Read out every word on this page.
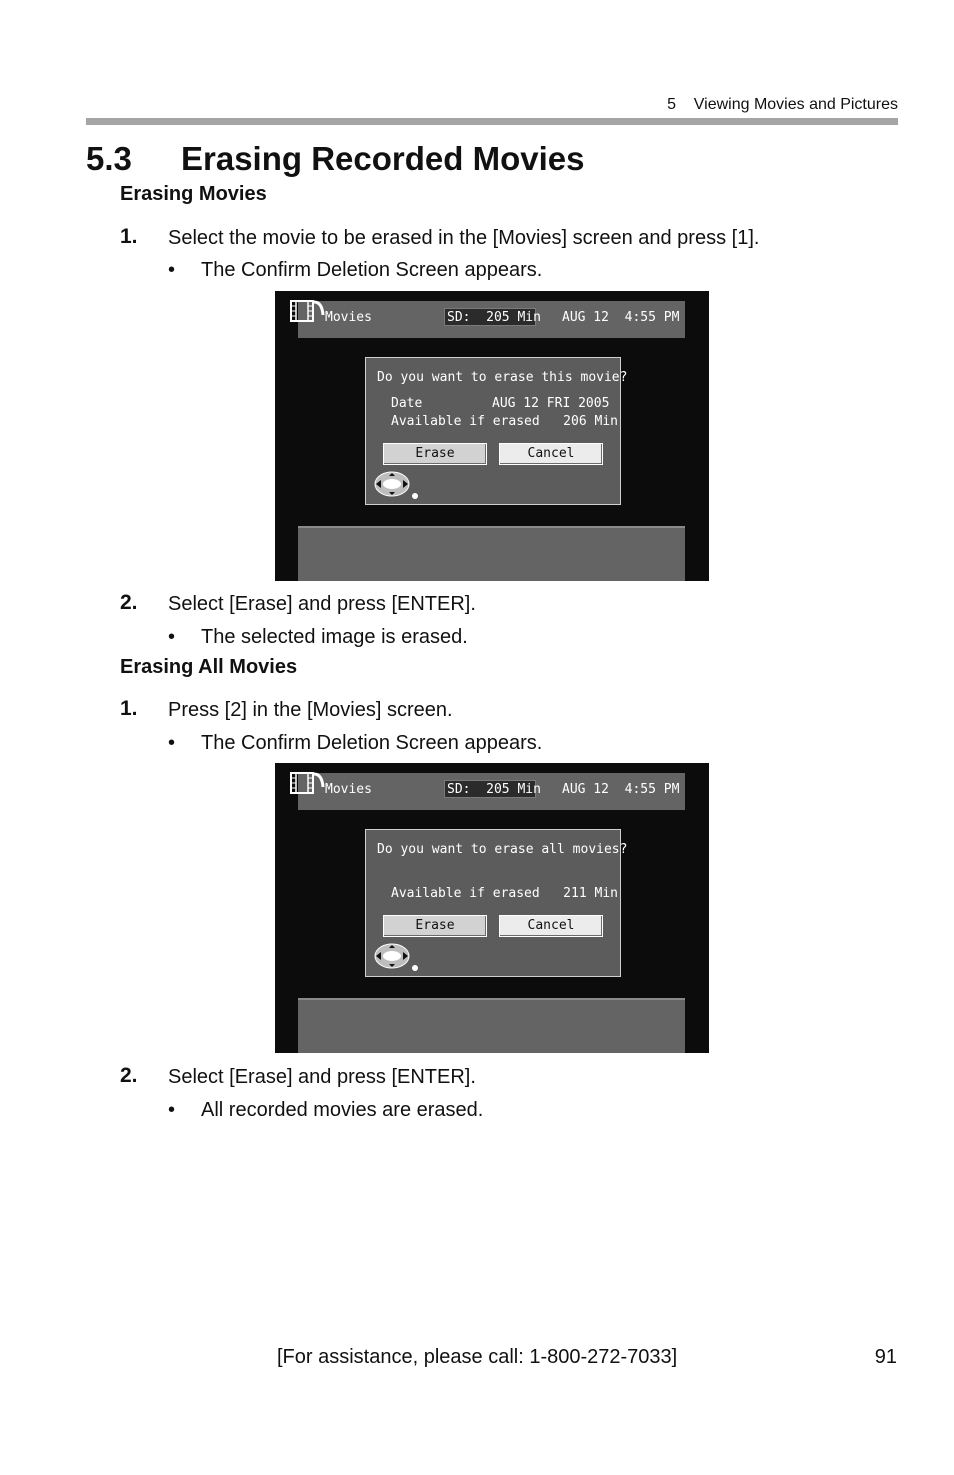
5 Viewing Movies and Pictures
5.3 Erasing Recorded Movies
Erasing Movies
1. Select the movie to be erased in the [Movies] screen and press [1].
• The Confirm Deletion Screen appears.
Movies	SD:  205 Min AUG 12  4:55 PM
Do you want to erase this movie?
Date	AUG 12 FRI 2005
Available if erased   206 Min
Erase	Cancel
2. Select [Erase] and press [ENTER].
• The selected image is erased.
Erasing All Movies
1. Press [2] in the [Movies] screen.
• The Confirm Deletion Screen appears.
Movies	SD:  205 Min AUG 12  4:55 PM
Do you want to erase all movies?
Available if erased   211 Min
Erase	Cancel
2. Select [Erase] and press [ENTER].
• All recorded movies are erased.
[For assistance, please call: 1-800-272-7033]	91
